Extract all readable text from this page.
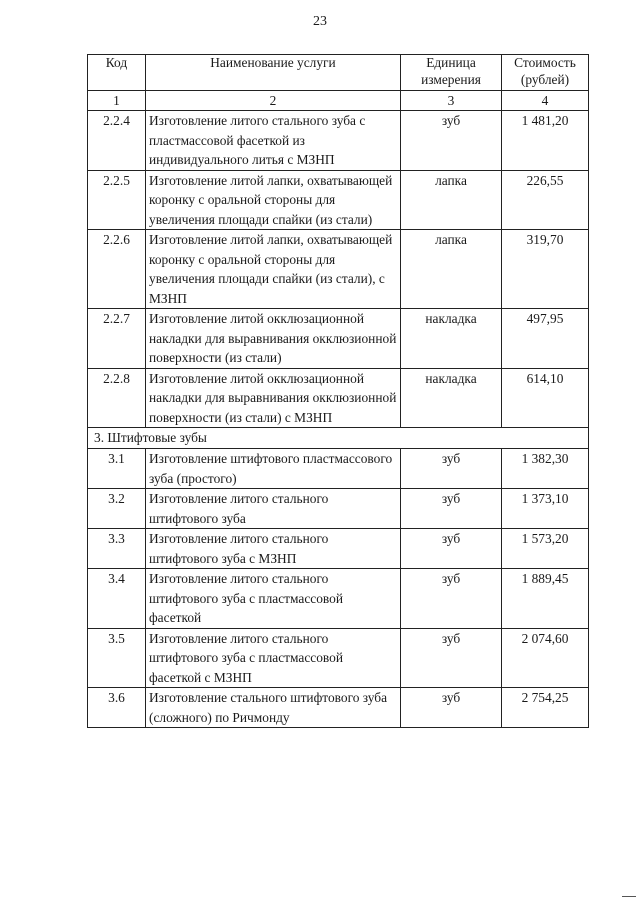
23
Код	Наименование услуги	Единица измерения	Стоимость (рублей)
1	2	3	4
2.2.4	Изготовление литого стального зуба с пластмассовой фасеткой из индивидуального литья с МЗНП	зуб	1 481,20
2.2.5	Изготовление литой лапки, охватывающей коронку с оральной стороны для увеличения площади спайки (из стали)	лапка	226,55
2.2.6	Изготовление литой лапки, охватывающей коронку с оральной стороны для увеличения площади спайки (из стали), с МЗНП	лапка	319,70
2.2.7	Изготовление литой окклюзационной накладки для выравнивания окклюзионной поверхности (из стали)	накладка	497,95
2.2.8	Изготовление литой окклюзационной накладки для выравнивания окклюзионной поверхности (из стали) с МЗНП	накладка	614,10
3. Штифтовые зубы			
3.1	Изготовление штифтового пластмассового зуба (простого)	зуб	1 382,30
3.2	Изготовление литого стального штифтового зуба	зуб	1 373,10
3.3	Изготовление литого стального штифтового зуба с МЗНП	зуб	1 573,20
3.4	Изготовление литого стального штифтового зуба с пластмассовой фасеткой	зуб	1 889,45
3.5	Изготовление литого стального штифтового зуба с пластмассовой фасеткой с МЗНП	зуб	2 074,60
3.6	Изготовление стального штифтового зуба (сложного) по Ричмонду	зуб	2 754,25
